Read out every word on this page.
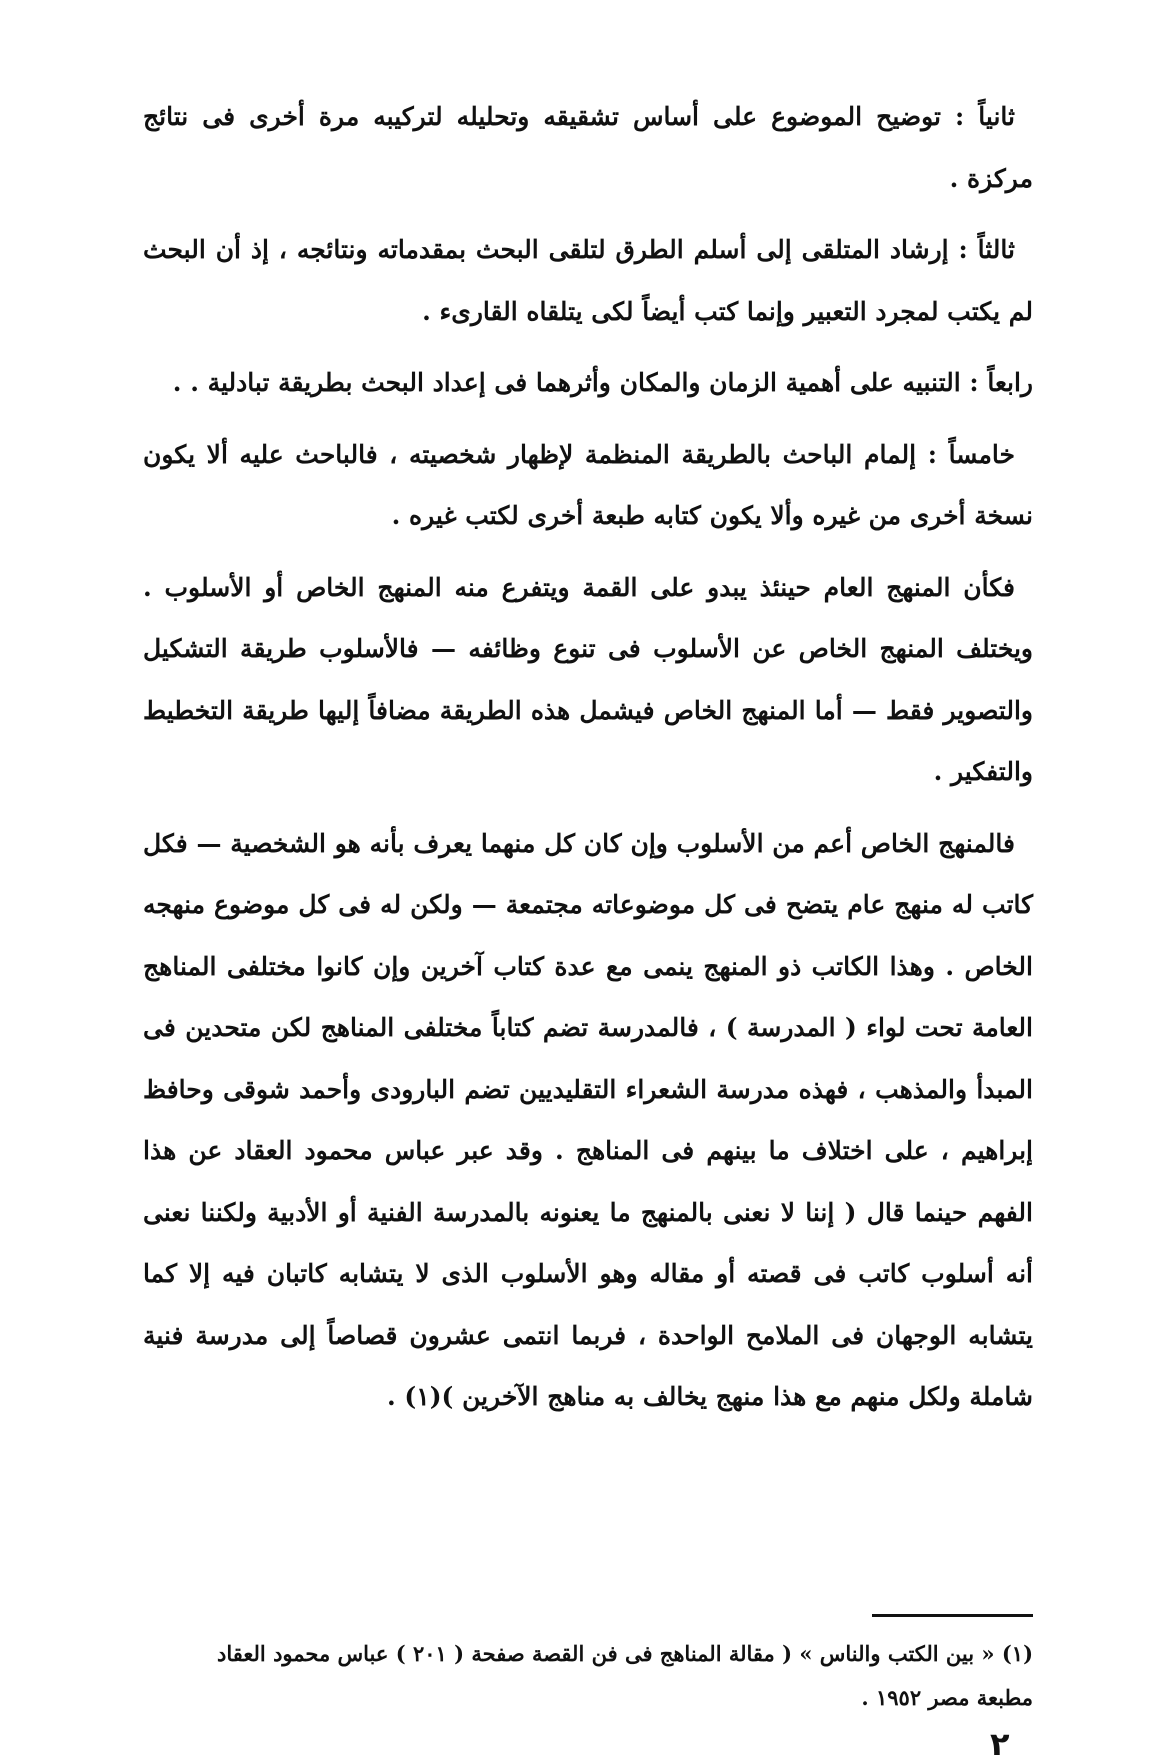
ثانياً : توضيح الموضوع على أساس تشقيقه وتحليله لتركيبه مرة أخرى فى نتائج مركزة .

ثالثاً : إرشاد المتلقى إلى أسلم الطرق لتلقى البحث بمقدماته ونتائجه ، إذ أن البحث لم يكتب لمجرد التعبير وإنما كتب أيضاً لكى يتلقاه القارىء .

رابعاً : التنبيه على أهمية الزمان والمكان وأثرهما فى إعداد البحث بطريقة تبادلية . .

خامساً : إلمام الباحث بالطريقة المنظمة لإظهار شخصيته ، فالباحث عليه ألا يكون نسخة أخرى من غيره وألا يكون كتابه طبعة أخرى لكتب غيره .

فكأن المنهج العام حينئذ يبدو على القمة ويتفرع منه المنهج الخاص أو الأسلوب . ويختلف المنهج الخاص عن الأسلوب فى تنوع وظائفه — فالأسلوب طريقة التشكيل والتصوير فقط — أما المنهج الخاص فيشمل هذه الطريقة مضافاً إليها طريقة التخطيط والتفكير .

فالمنهج الخاص أعم من الأسلوب وإن كان كل منهما يعرف بأنه هو الشخصية — فكل كاتب له منهج عام يتضح فى كل موضوعاته مجتمعة — ولكن له فى كل موضوع منهجه الخاص . وهذا الكاتب ذو المنهج ينمى مع عدة كتاب آخرين وإن كانوا مختلفى المناهج العامة تحت لواء ( المدرسة ) ، فالمدرسة تضم كتاباً مختلفى المناهج لكن متحدين فى المبدأ والمذهب ، فهذه مدرسة الشعراء التقليديين تضم البارودى وأحمد شوقى وحافظ إبراهيم ، على اختلاف ما بينهم فى المناهج . وقد عبر عباس محمود العقاد عن هذا الفهم حينما قال ( إننا لا نعنى بالمنهج ما يعنونه بالمدرسة الفنية أو الأدبية ولكننا نعنى أنه أسلوب كاتب فى قصته أو مقاله وهو الأسلوب الذى لا يتشابه كاتبان فيه إلا كما يتشابه الوجهان فى الملامح الواحدة ، فربما انتمى عشرون قصاصاً إلى مدرسة فنية شاملة ولكل منهم مع هذا منهج يخالف به مناهج الآخرين )(١) .

(١) « بين الكتب والناس » ( مقالة المناهج فى فن القصة صفحة ( ٢٠١ ) عباس محمود العقاد
مطبعة مصر ١٩٥٢ .
٢
